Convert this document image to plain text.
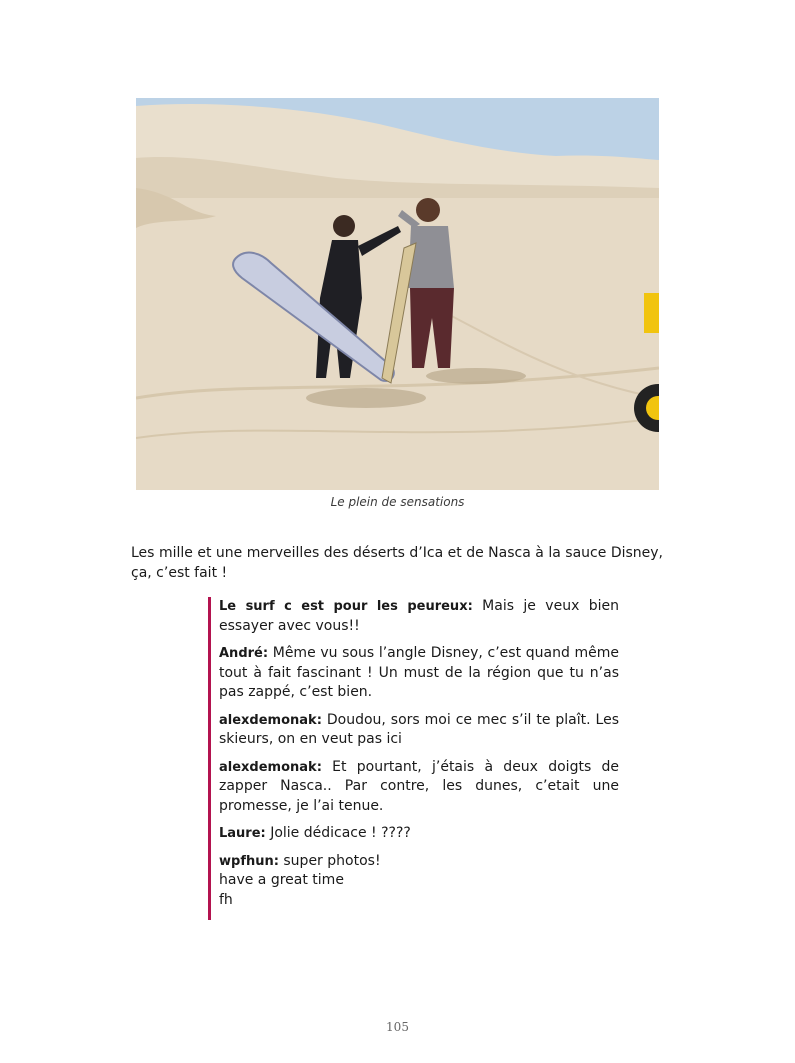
Le plein de sensations

Les mille et une merveilles des déserts d’Ica et de Nasca à la sauce Disney, ça, c’est fait !

Le surf c est pour les peureux: Mais je veux bien essayer avec vous!!

André: Même vu sous l’angle Disney, c’est quand même tout à fait fascinant ! Un must de la région que tu n’as pas zappé, c’est bien.

alexdemonak: Doudou, sors moi ce mec s’il te plaît. Les skieurs, on en veut pas ici

alexdemonak: Et pourtant, j’étais à deux doigts de zapper Nasca.. Par contre, les dunes, c’etait une promesse, je l’ai tenue.

Laure: Jolie dédicace ! ????

wpfhun: super photos!
have a great time
fh

105
